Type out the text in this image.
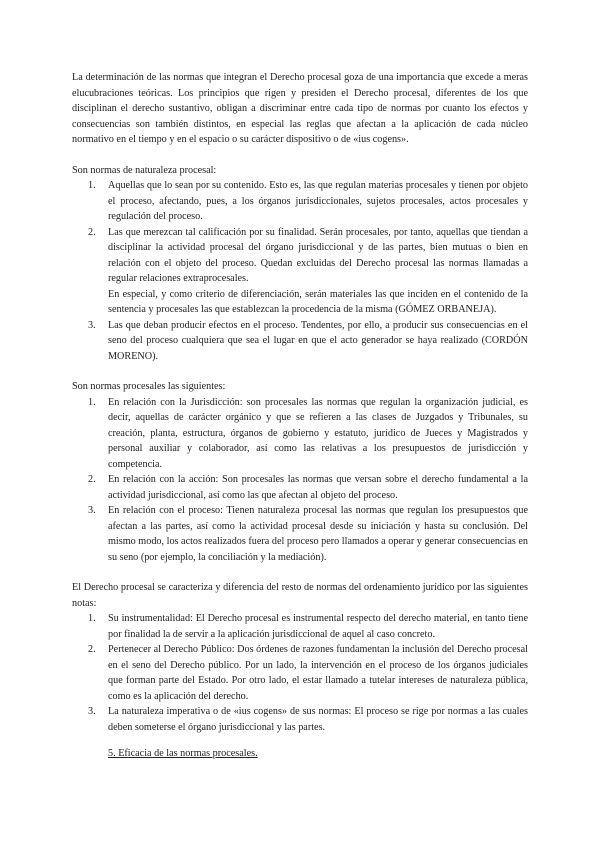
La determinación de las normas que integran el Derecho procesal goza de una importancia que excede a meras elucubraciones teóricas. Los principios que rigen y presiden el Derecho procesal, diferentes de los que disciplinan el derecho sustantivo, obligan a discriminar entre cada tipo de normas por cuanto los efectos y consecuencias son también distintos, en especial las reglas que afectan a la aplicación de cada núcleo normativo en el tiempo y en el espacio o su carácter dispositivo o de «ius cogens».

Son normas de naturaleza procesal:

1. Aquellas que lo sean por su contenido. Esto es, las que regulan materias procesales y tienen por objeto el proceso, afectando, pues, a los órganos jurisdiccionales, sujetos procesales, actos procesales y regulación del proceso.

2. Las que merezcan tal calificación por su finalidad. Serán procesales, por tanto, aquellas que tiendan a disciplinar la actividad procesal del órgano jurisdiccional y de las partes, bien mutuas o bien en relación con el objeto del proceso. Quedan excluidas del Derecho procesal las normas llamadas a regular relaciones extraprocesales.

En especial, y como criterio de diferenciación, serán materiales las que inciden en el contenido de la sentencia y procesales las que establezcan la procedencia de la misma (GÓMEZ ORBANEJA).

3. Las que deban producir efectos en el proceso. Tendentes, por ello, a producir sus consecuencias en el seno del proceso cualquiera que sea el lugar en que el acto generador se haya realizado (CORDÓN MORENO).

Son normas procesales las siguientes:

1. En relación con la Jurisdicción: son procesales las normas que regulan la organización judicial, es decir, aquellas de carácter orgánico y que se refieren a las clases de Juzgados y Tribunales, su creación, planta, estructura, órganos de gobierno y estatuto, jurídico de Jueces y Magistrados y personal auxiliar y colaborador, así como las relativas a los presupuestos de jurisdicción y competencia.

2. En relación con la acción: Son procesales las normas que versan sobre el derecho fundamental a la actividad jurisdiccional, así como las que afectan al objeto del proceso.

3. En relación con el proceso: Tienen naturaleza procesal las normas que regulan los presupuestos que afectan a las partes, así como la actividad procesal desde su iniciación y hasta su conclusión. Del mismo modo, los actos realizados fuera del proceso pero llamados a operar y generar consecuencias en su seno (por ejemplo, la conciliación y la mediación).

El Derecho procesal se caracteriza y diferencia del resto de normas del ordenamiento jurídico por las siguientes notas:

1. Su instrumentalidad: El Derecho procesal es instrumental respecto del derecho material, en tanto tiene por finalidad la de servir a la aplicación jurisdiccional de aquel al caso concreto.

2. Pertenecer al Derecho Público: Dos órdenes de razones fundamentan la inclusión del Derecho procesal en el seno del Derecho público. Por un lado, la intervención en el proceso de los órganos judiciales que forman parte del Estado. Por otro lado, el estar llamado a tutelar intereses de naturaleza pública, como es la aplicación del derecho.

3. La naturaleza imperativa o de «ius cogens» de sus normas: El proceso se rige por normas a las cuales deben someterse el órgano jurisdiccional y las partes.

5. Eficacia de las normas procesales.
